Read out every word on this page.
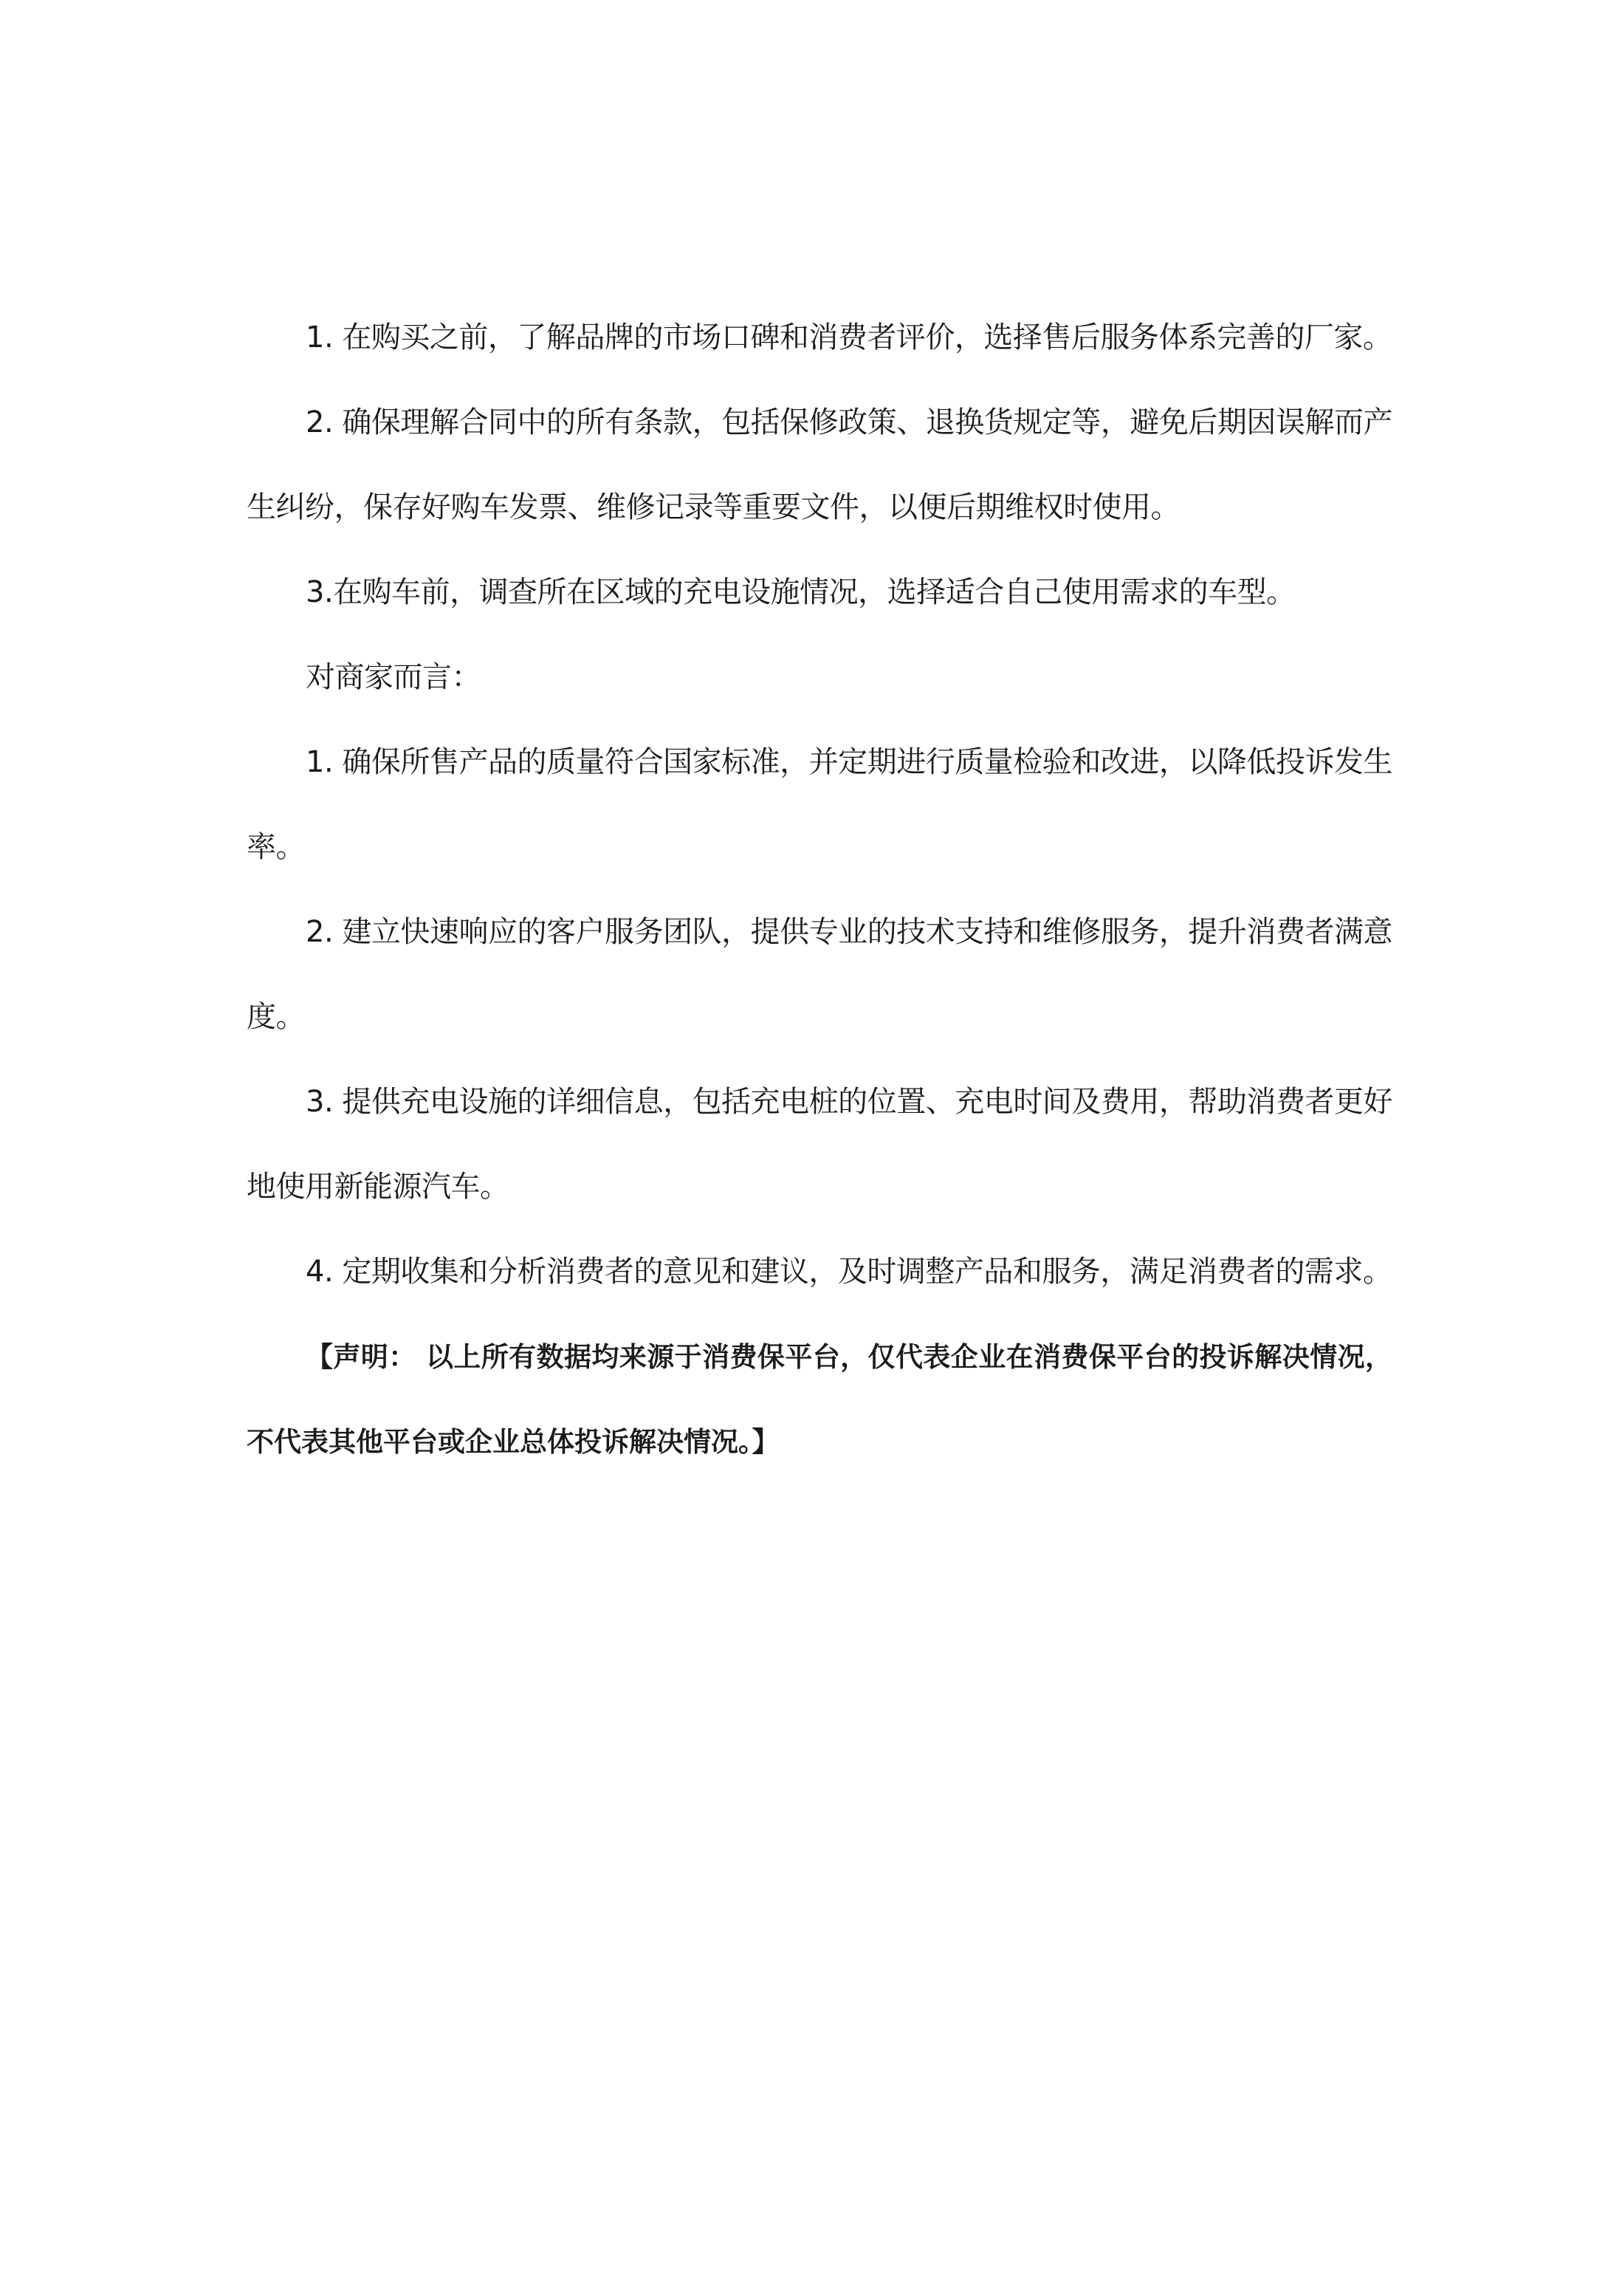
1. 在购买之前，了解品牌的市场口碑和消费者评价，选择售后服务体系完善的厂家。

2. 确保理解合同中的所有条款，包括保修政策、退换货规定等，避免后期因误解而产生纠纷，保存好购车发票、维修记录等重要文件，以便后期维权时使用。

3.在购车前，调查所在区域的充电设施情况，选择适合自己使用需求的车型。

对商家而言：

1. 确保所售产品的质量符合国家标准，并定期进行质量检验和改进，以降低投诉发生率。

2. 建立快速响应的客户服务团队，提供专业的技术支持和维修服务，提升消费者满意度。

3. 提供充电设施的详细信息，包括充电桩的位置、充电时间及费用，帮助消费者更好地使用新能源汽车。

4. 定期收集和分析消费者的意见和建议，及时调整产品和服务，满足消费者的需求。

【声明： 以上所有数据均来源于消费保平台，仅代表企业在消费保平台的投诉解决情况，不代表其他平台或企业总体投诉解决情况。】
